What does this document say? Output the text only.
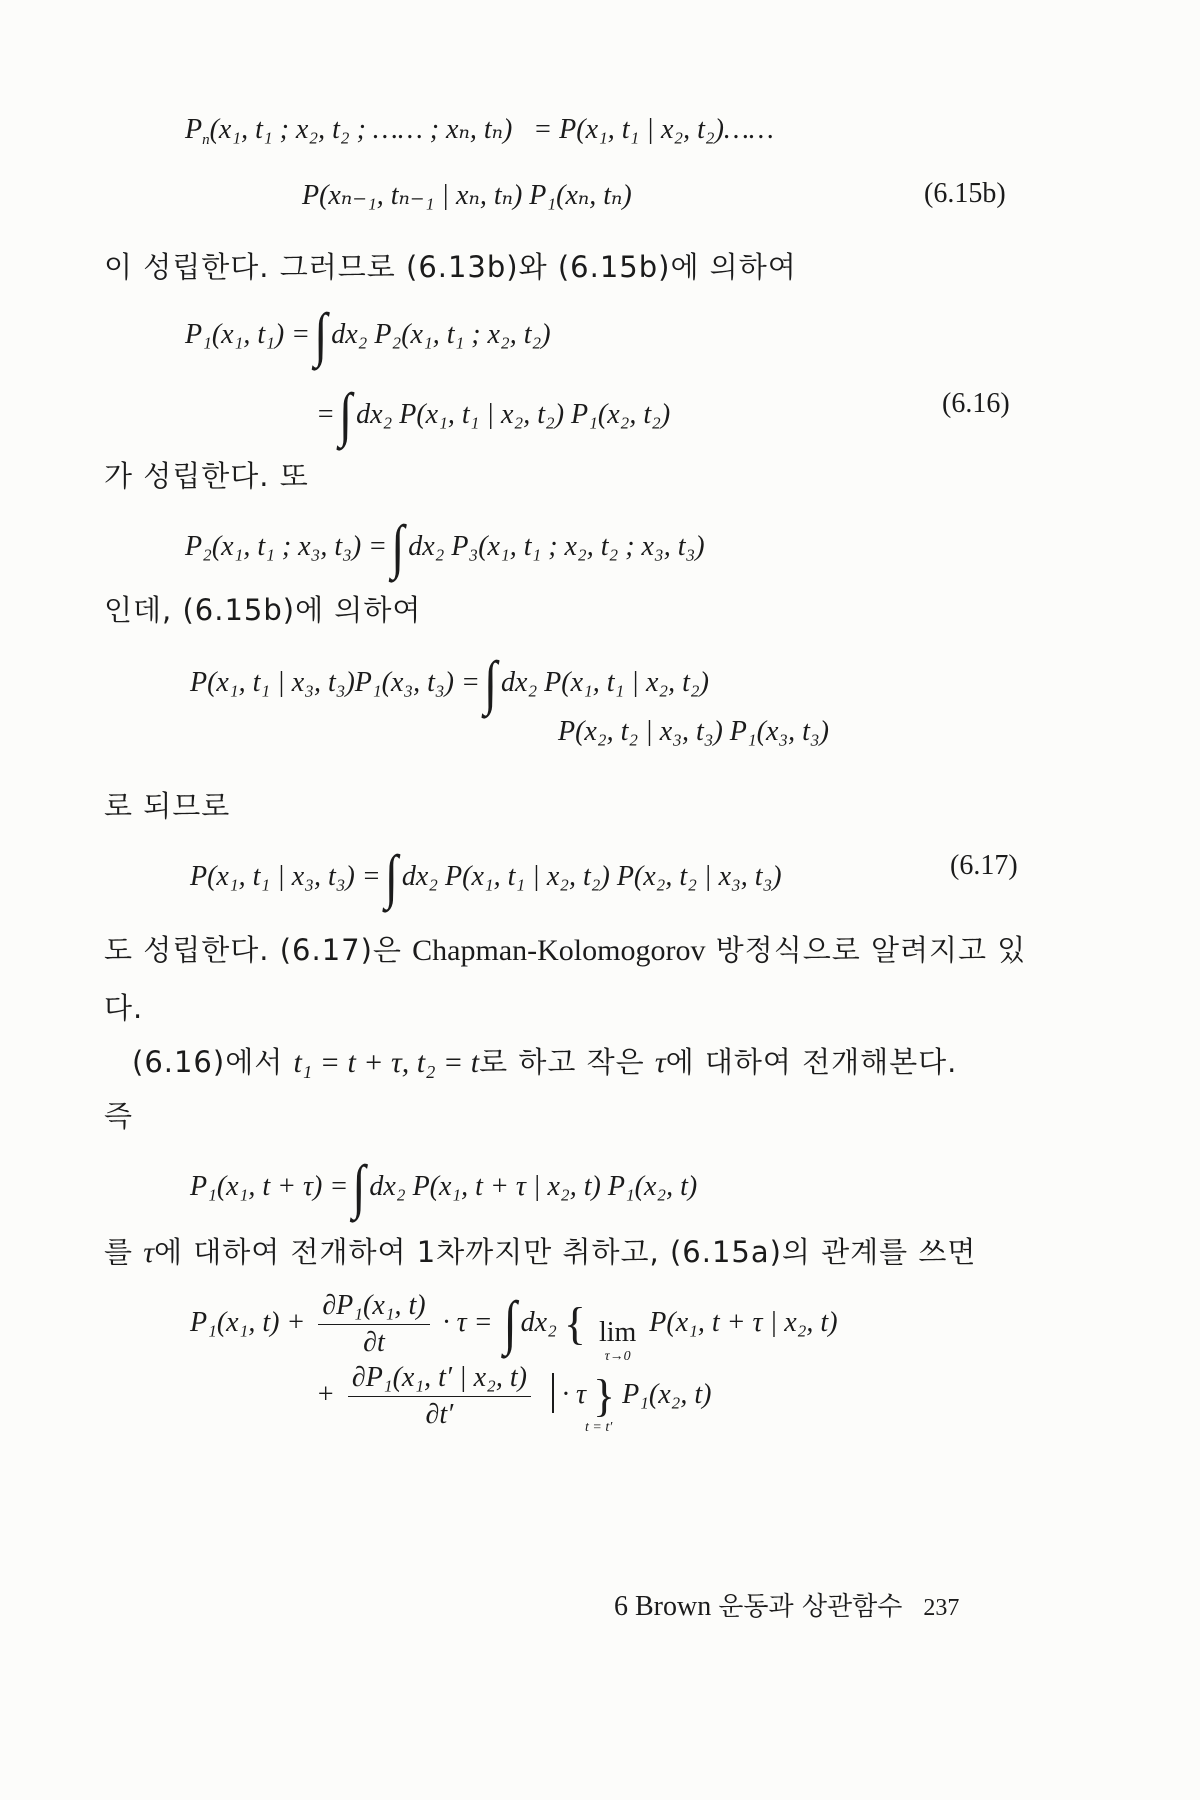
$P_n(x_1$, t₁ ; x₂, t₂ ; …… ; xₙ, tₙ) = P(x₁, t₁ | x₂, t₂)……
P(xₙ₋₁, tₙ₋₁ | xₙ, tₙ) P₁(xₙ, tₙ)	(6.15b)
이 성립한다. 그러므로 (6.13b)와 (6.15b)에 의하여
P₁(x₁, t₁) =∫ dx₂ P₂(x₁, t₁ ; x₂, t₂)
=∫ dx₂ P(x₁, t₁ | x₂, t₂) P₁(x₂, t₂)	(6.16)
가 성립한다. 또
P₂(x₁, t₁ ; x₃, t₃) =∫ dx₂ P₃(x₁, t₁ ; x₂, t₂ ; x₃, t₃)
인데, (6.15b)에 의하여
P(x₁, t₁ | x₃, t₃)P₁(x₃, t₃) =∫ dx₂ P(x₁, t₁ | x₂, t₂)
P(x₂, t₂ | x₃, t₃) P₁(x₃, t₃)
로 되므로
P(x₁, t₁ | x₃, t₃) =∫ dx₂ P(x₁, t₁ | x₂, t₂) P(x₂, t₂ | x₃, t₃)	(6.17)
도 성립한다. (6.17)은 Chapman-Kolomogorov 방정식으로 알려지고 있
다.
(6.16)에서 t₁ = t + τ, t₂ = t로 하고 작은 τ에 대하여 전개해본다.
즉
P₁(x₁, t + τ) =∫ dx₂ P(x₁, t + τ | x₂, t) P₁(x₂, t)
를 τ에 대하여 전개하여 1차까지만 취하고, (6.15a)의 관계를 쓰면
P₁(x₁, $t) + \frac{\text{∂P₁(x₁, t)}}{\partial t} \cdot \tau$ = ∫ dx₂ { lim
τ→0
P(x₁, t + τ | x₂, t)
+ $\frac{\text{∂P₁(x₁, t′ | x₂, t)}}{\partial t'} \cdot \tau$ } P₁(x₂, t)
t = t′
6 Brown 운동과 상관함수 237
